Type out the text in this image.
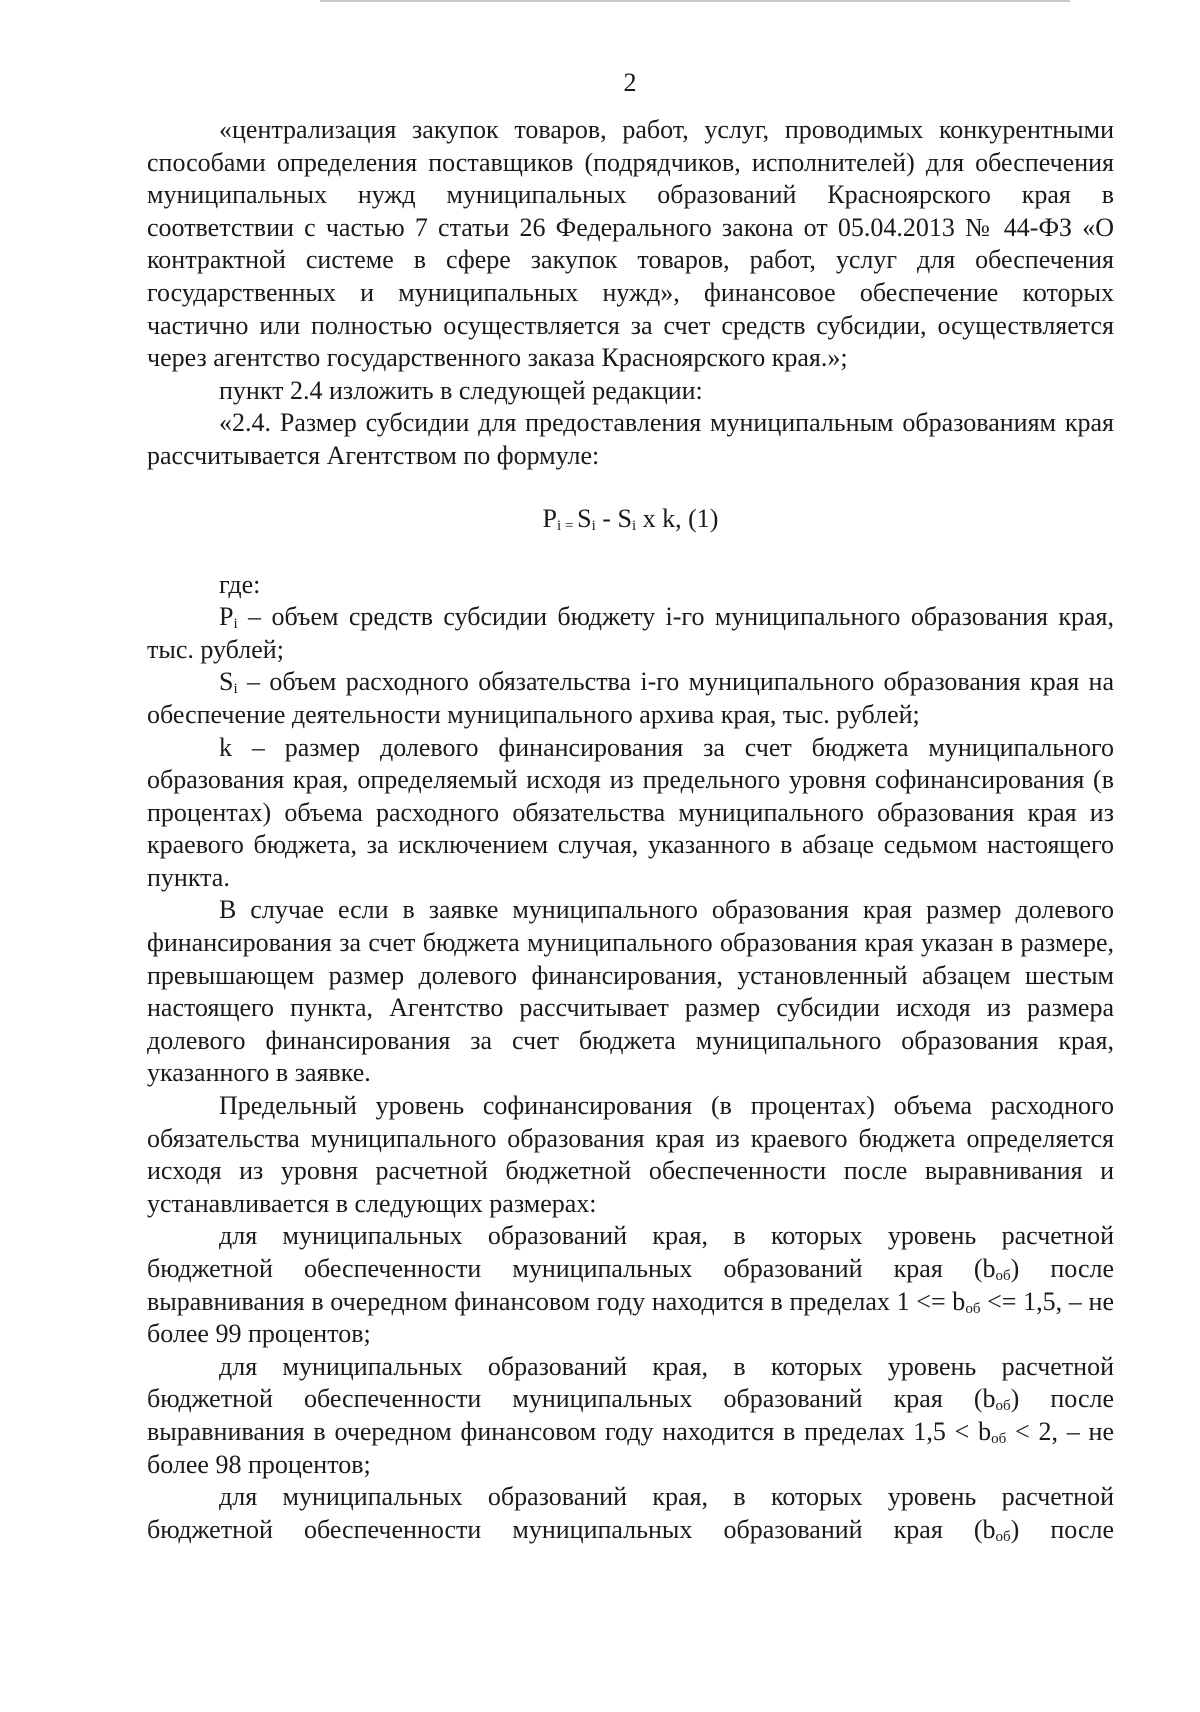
2

«централизация закупок товаров, работ, услуг, проводимых конкурентными способами определения поставщиков (подрядчиков, исполнителей) для обеспечения муниципальных нужд муниципальных образований Красноярского края в соответствии с частью 7 статьи 26 Федерального закона от 05.04.2013 № 44-ФЗ «О контрактной системе в сфере закупок товаров, работ, услуг для обеспечения государственных и муниципальных нужд», финансовое обеспечение которых частично или полностью осуществляется за счет средств субсидии, осуществляется через агентство государственного заказа Красноярского края.»;

пункт 2.4 изложить в следующей редакции:

«2.4. Размер субсидии для предоставления муниципальным образованиям края рассчитывается Агентством по формуле:

$P_i$ $_=$ $S_i - S_i$ x k, (1)

где:

$P_i$ – объем средств субсидии бюджету i-го муниципального образования края, тыс. рублей;

$S_i$ – объем расходного обязательства i-го муниципального образования края на обеспечение деятельности муниципального архива края, тыс. рублей;

k – размер долевого финансирования за счет бюджета муниципального образования края, определяемый исходя из предельного уровня софинансирования (в процентах) объема расходного обязательства муниципального образования края из краевого бюджета, за исключением случая, указанного в абзаце седьмом настоящего пункта.

В случае если в заявке муниципального образования края размер долевого финансирования за счет бюджета муниципального образования края указан в размере, превышающем размер долевого финансирования, установленный абзацем шестым настоящего пункта, Агентство рассчитывает размер субсидии исходя из размера долевого финансирования за счет бюджета муниципального образования края, указанного в заявке.

Предельный уровень софинансирования (в процентах) объема расходного обязательства муниципального образования края из краевого бюджета определяется исходя из уровня расчетной бюджетной обеспеченности после выравнивания и устанавливается в следующих размерах:

для муниципальных образований края, в которых уровень расчетной бюджетной обеспеченности муниципальных образований края $(b_{об})$ после выравнивания в очередном финансовом году находится в пределах $1 <= b_{об} <= 1,5$, – не более 99 процентов;

для муниципальных образований края, в которых уровень расчетной бюджетной обеспеченности муниципальных образований края $(b_{об})$ после выравнивания в очередном финансовом году находится в пределах $1,5 < b_{об} < 2$, – не более 98 процентов;

для муниципальных образований края, в которых уровень расчетной бюджетной обеспеченности муниципальных образований края $(b_{об})$ после
